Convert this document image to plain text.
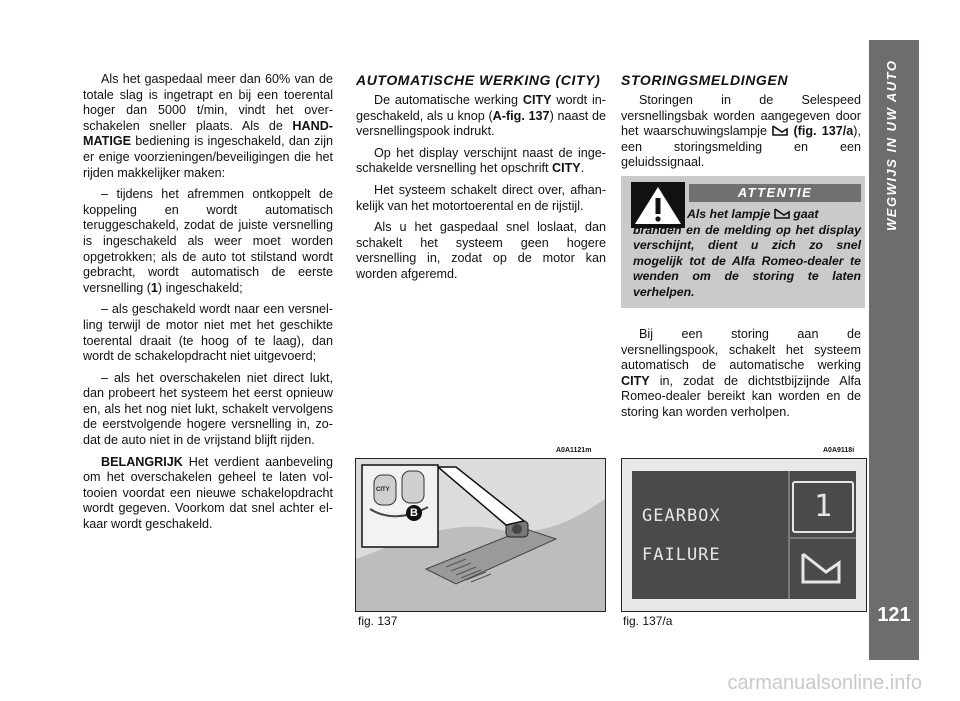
WEGWIJS IN UW AUTO
121

Als het gaspedaal meer dan 60% van de totale slag is ingetrapt en bij een toerental hoger dan 5000 t/min, vindt het overschakelen sneller plaats. Als de HANDMATIGE bediening is ingeschakeld, dan zijn er enige voorzieningen/beveiligingen die het rijden makkelijker maken:

– tijdens het afremmen ontkoppelt de koppeling en wordt automatisch teruggeschakeld, zodat de juiste versnelling is ingeschakeld als weer moet worden opgetrokken; als de auto tot stilstand wordt gebracht, wordt automatisch de eerste versnelling (1) ingeschakeld;

– als geschakeld wordt naar een versnelling terwijl de motor niet met het geschikte toerental draait (te hoog of te laag), dan wordt de schakelopdracht niet uitgevoerd;

– als het overschakelen niet direct lukt, dan probeert het systeem het eerst opnieuw en, als het nog niet lukt, schakelt vervolgens de eerstvolgende hogere versnelling in, zodat de auto niet in de vrijstand blijft rijden.

BELANGRIJK Het verdient aanbeveling om het overschakelen geheel te laten voltooien voordat een nieuwe schakelopdracht wordt gegeven. Voorkom dat snel achter elkaar wordt geschakeld.

AUTOMATISCHE WERKING (CITY)

De automatische werking CITY wordt ingeschakeld, als u knop (A-fig. 137) naast de versnellingspook indrukt.

Op het display verschijnt naast de ingeschakelde versnelling het opschrift CITY.

Het systeem schakelt direct over, afhankelijk van het motortoerental en de rijstijl.

Als u het gaspedaal snel loslaat, dan schakelt het systeem geen hogere versnelling in, zodat op de motor kan worden afgeremd.

STORINGSMELDINGEN

Storingen in de Selespeed versnellingsbak worden aangegeven door het waarschuwingslampje  (fig. 137/a), een storingsmelding en een geluidssignaal.

ATTENTIE
Als het lampje gaat
branden en de melding op het display verschijnt, dient u zich zo snel mogelijk tot de Alfa Romeo-dealer te wenden om de storing te laten verhelpen.

Bij een storing aan de versnellingspook, schakelt het systeem automatisch de automatische werking CITY in, zodat de dichtstbijzijnde Alfa Romeo-dealer bereikt kan worden en de storing kan worden verholpen.

A0A1121m
CITY
B
fig. 137
A0A9118i
GEARBOX
FAILURE
1
fig. 137/a
carmanualsonline.info
